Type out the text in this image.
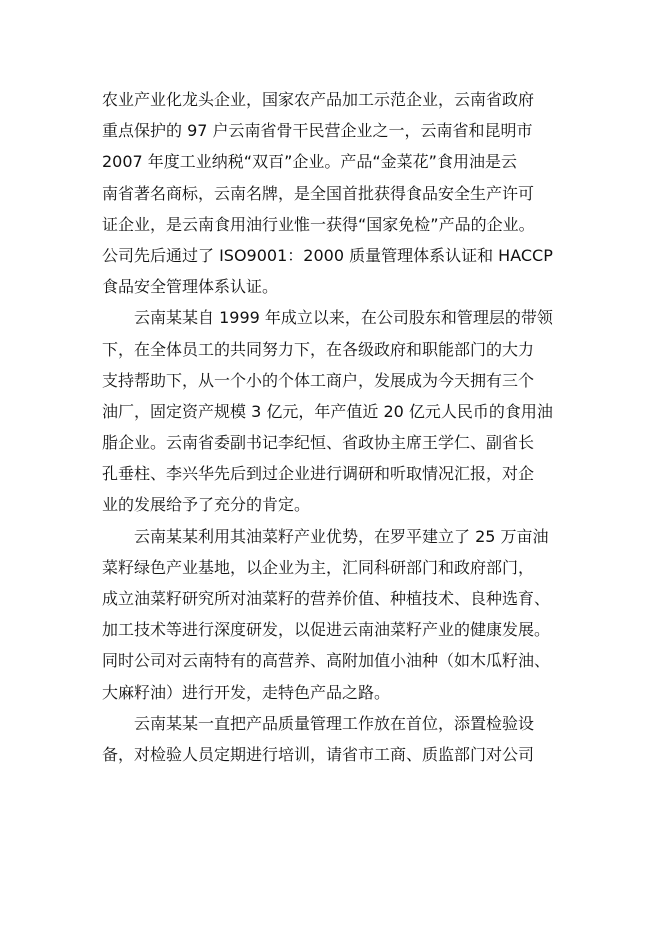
农业产业化龙头企业，国家农产品加工示范企业，云南省政府
重点保护的 97 户云南省骨干民营企业之一，云南省和昆明市
2007 年度工业纳税“双百”企业。产品“金菜花”食用油是云
南省著名商标，云南名牌，是全国首批获得食品安全生产许可
证企业，是云南食用油行业惟一获得“国家免检”产品的企业。
公司先后通过了 ISO9001：2000 质量管理体系认证和 HACCP
食品安全管理体系认证。
云南某某自 1999 年成立以来，在公司股东和管理层的带领
下，在全体员工的共同努力下，在各级政府和职能部门的大力
支持帮助下，从一个小的个体工商户，发展成为今天拥有三个
油厂，固定资产规模 3 亿元，年产值近 20 亿元人民币的食用油
脂企业。云南省委副书记李纪恒、省政协主席王学仁、副省长
孔垂柱、李兴华先后到过企业进行调研和听取情况汇报，对企
业的发展给予了充分的肯定。
云南某某利用其油菜籽产业优势，在罗平建立了 25 万亩油
菜籽绿色产业基地，以企业为主，汇同科研部门和政府部门，
成立油菜籽研究所对油菜籽的营养价值、种植技术、良种选育、
加工技术等进行深度研发，以促进云南油菜籽产业的健康发展。
同时公司对云南特有的高营养、高附加值小油种（如木瓜籽油、
大麻籽油）进行开发，走特色产品之路。
云南某某一直把产品质量管理工作放在首位，添置检验设
备，对检验人员定期进行培训，请省市工商、质监部门对公司
